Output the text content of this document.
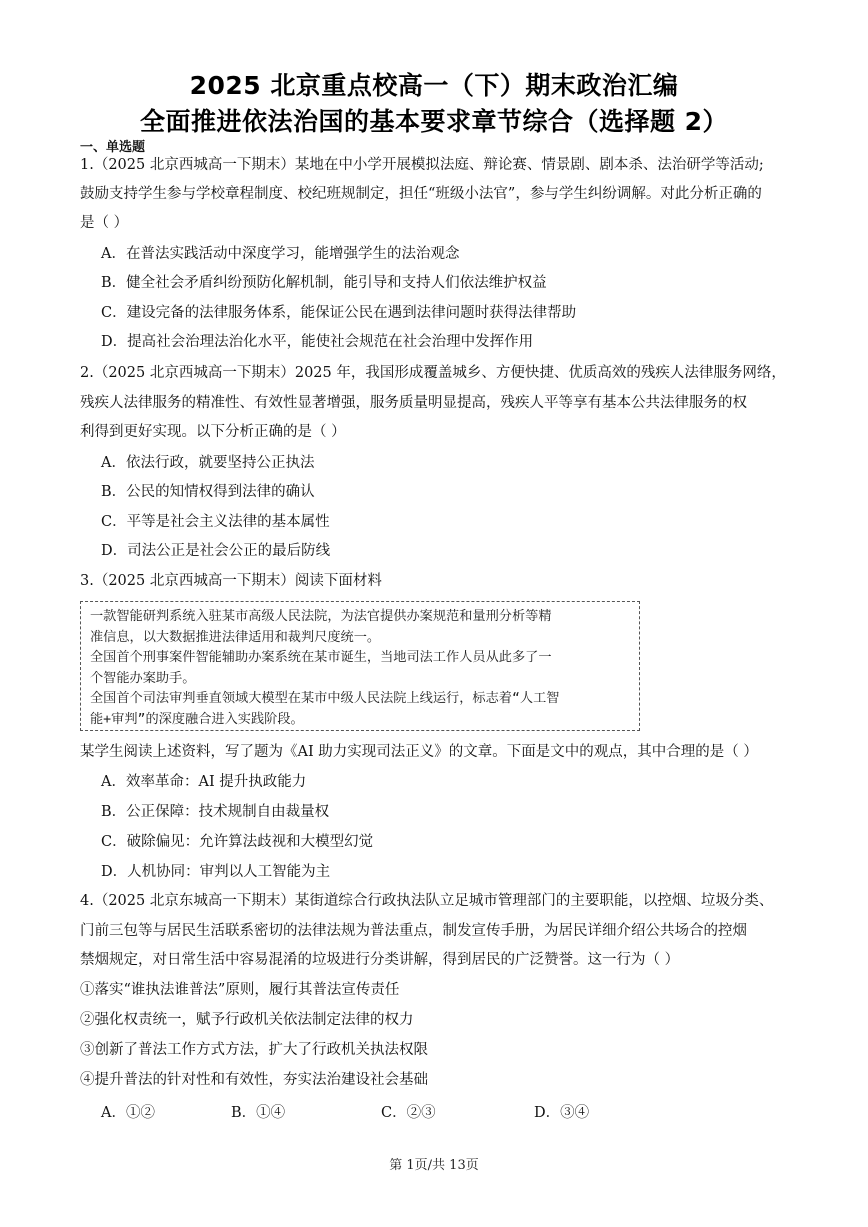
2025 北京重点校高一（下）期末政治汇编
全面推进依法治国的基本要求章节综合（选择题 2）
一、单选题
1.（2025 北京西城高一下期末）某地在中小学开展模拟法庭、辩论赛、情景剧、剧本杀、法治研学等活动;
鼓励支持学生参与学校章程制度、校纪班规制定，担任“班级小法官”，参与学生纠纷调解。对此分析正确的
是（ ）
A．在普法实践活动中深度学习，能增强学生的法治观念
B．健全社会矛盾纠纷预防化解机制，能引导和支持人们依法维护权益
C．建设完备的法律服务体系，能保证公民在遇到法律问题时获得法律帮助
D．提高社会治理法治化水平，能使社会规范在社会治理中发挥作用
2.（2025 北京西城高一下期末）2025 年，我国形成覆盖城乡、方便快捷、优质高效的残疾人法律服务网络，
残疾人法律服务的精准性、有效性显著增强，服务质量明显提高，残疾人平等享有基本公共法律服务的权
利得到更好实现。以下分析正确的是（ ）
A．依法行政，就要坚持公正执法
B．公民的知情权得到法律的确认
C．平等是社会主义法律的基本属性
D．司法公正是社会公正的最后防线
3.（2025 北京西城高一下期末）阅读下面材料
一款智能研判系统入驻某市高级人民法院，为法官提供办案规范和量刑分析等精
准信息，以大数据推进法律适用和裁判尺度统一。
全国首个刑事案件智能辅助办案系统在某市诞生，当地司法工作人员从此多了一
个智能办案助手。
全国首个司法审判垂直领域大模型在某市中级人民法院上线运行，标志着“人工智
能+审判”的深度融合进入实践阶段。
某学生阅读上述资料，写了题为《AI 助力实现司法正义》的文章。下面是文中的观点，其中合理的是（ ）
A．效率革命：AI 提升执政能力
B．公正保障：技术规制自由裁量权
C．破除偏见：允许算法歧视和大模型幻觉
D．人机协同：审判以人工智能为主
4.（2025 北京东城高一下期末）某街道综合行政执法队立足城市管理部门的主要职能，以控烟、垃圾分类、
门前三包等与居民生活联系密切的法律法规为普法重点，制发宣传手册，为居民详细介绍公共场合的控烟
禁烟规定，对日常生活中容易混淆的垃圾进行分类讲解，得到居民的广泛赞誉。这一行为（ ）
①落实“谁执法谁普法”原则，履行其普法宣传责任
②强化权责统一，赋予行政机关依法制定法律的权力
③创新了普法工作方式方法，扩大了行政机关执法权限
④提升普法的针对性和有效性，夯实法治建设社会基础
A．①②	B．①④	C．②③	D．③④
第 1页/共 13页
